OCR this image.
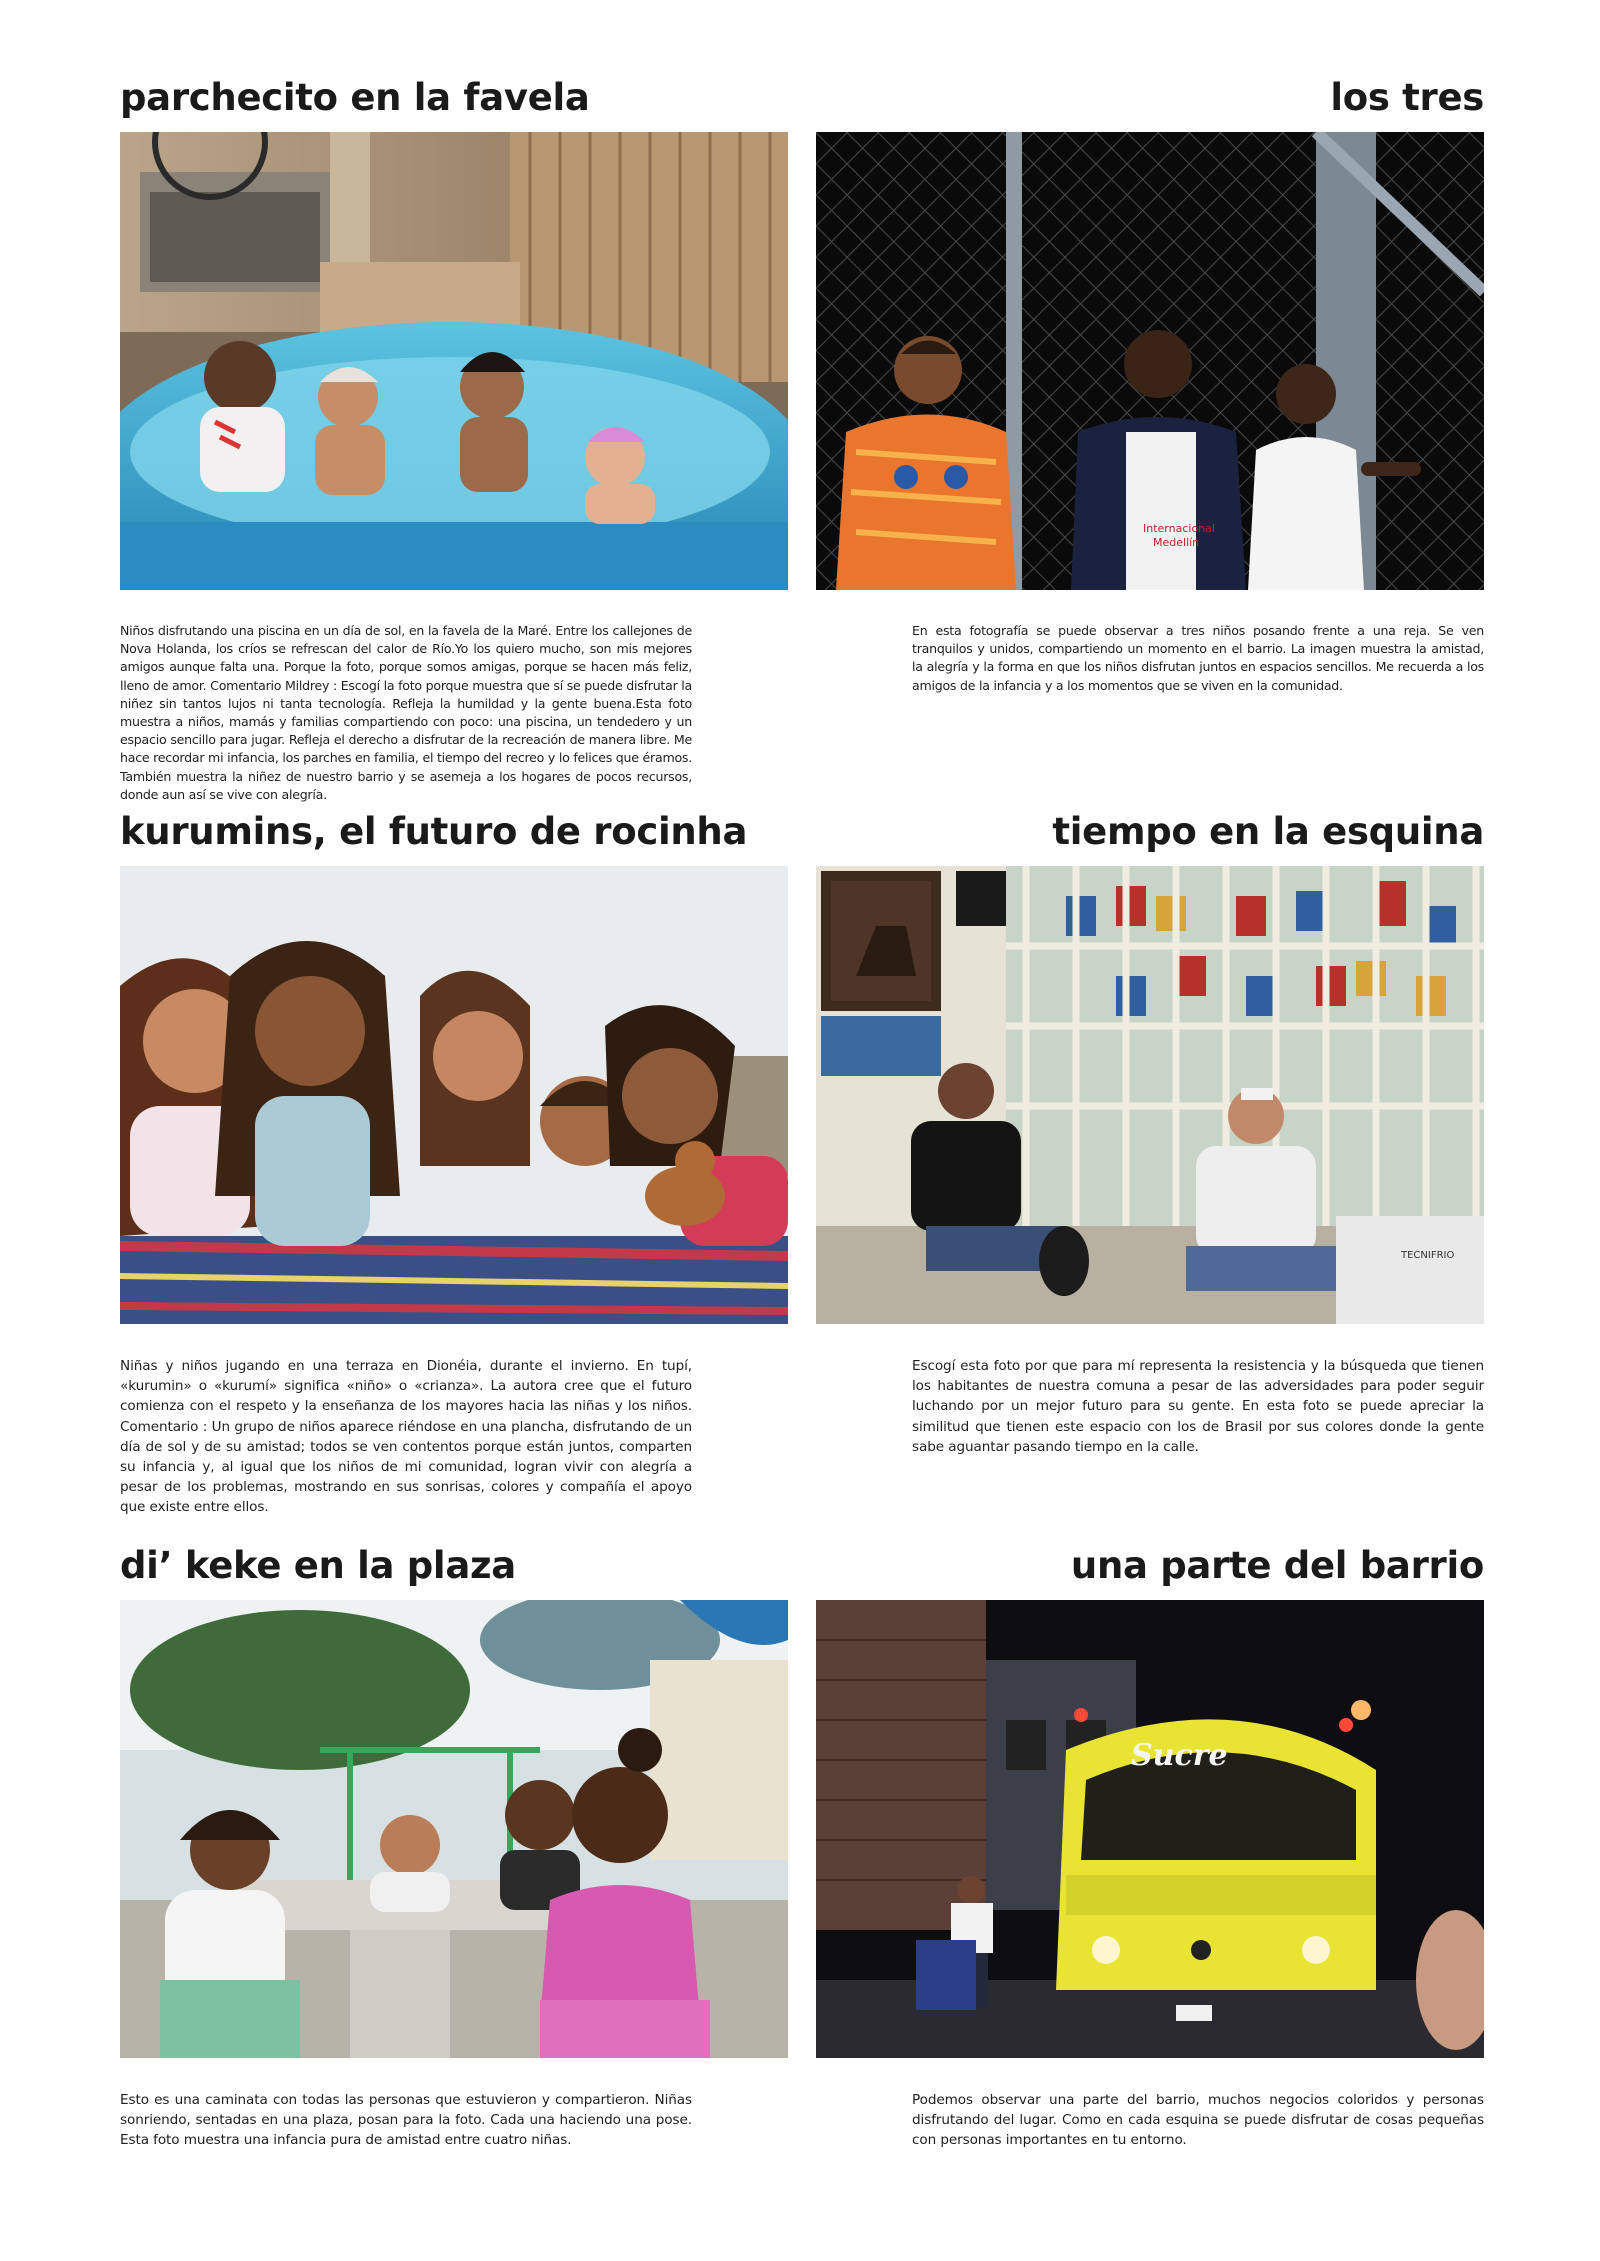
parchecito en la favela
Niños disfrutando una piscina en un día de sol, en la favela de la Maré. Entre los callejones de Nova Holanda, los críos se refrescan del calor de Río.Yo los quiero mucho, son mis mejores amigos aunque falta una. Porque la foto, porque somos amigas, porque se hacen más feliz, lleno de amor. Comentario Mildrey : Escogí la foto porque muestra que sí se puede disfrutar la niñez sin tantos lujos ni tanta tecnología. Refleja la humildad y la gente buena.Esta foto muestra a niños, mamás y familias compartiendo con poco: una piscina, un tendedero y un espacio sencillo para jugar. Refleja el derecho a disfrutar de la recreación de manera libre. Me hace recordar mi infancia, los parches en familia, el tiempo del recreo y lo felices que éramos. También muestra la niñez de nuestro barrio y se asemeja a los hogares de pocos recursos, donde aun así se vive con alegría.
los tres
Internacional
Medellín
En esta fotografía se puede observar a tres niños posando frente a una reja. Se ven tranquilos y unidos, compartiendo un momento en el barrio. La imagen muestra la amistad, la alegría y la forma en que los niños disfrutan juntos en espacios sencillos. Me recuerda a los amigos de la infancia y a los momentos que se viven en la comunidad.
kurumins, el futuro de rocinha
Niñas y niños jugando en una terraza en Dionéia, durante el invierno. En tupí, «kurumin» o «kurumí» significa «niño» o «crianza». La autora cree que el futuro comienza con el respeto y la enseñanza de los mayores hacia las niñas y los niños. Comentario : Un grupo de niños aparece riéndose en una plancha, disfrutando de un día de sol y de su amistad; todos se ven contentos porque están juntos, comparten su infancia y, al igual que los niños de mi comunidad, logran vivir con alegría a pesar de los problemas, mostrando en sus sonrisas, colores y compañía el apoyo que existe entre ellos.
tiempo en la esquina
TECNIFRIO
Escogí esta foto por que para mí representa la resistencia y la búsqueda que tienen los habitantes de nuestra comuna a pesar de las adversidades para poder seguir luchando por un mejor futuro para su gente. En esta foto se puede apreciar la similitud que tienen este espacio con los de Brasil por sus colores donde la gente sabe aguantar pasando tiempo en la calle.
di’ keke en la plaza
Esto es una caminata con todas las personas que estuvieron y compartieron. Niñas sonriendo, sentadas en una plaza, posan para la foto. Cada una haciendo una pose. Esta foto muestra una infancia pura de amistad entre cuatro niñas.
una parte del barrio
Sucre
Podemos observar una parte del barrio, muchos negocios coloridos y personas disfrutando del lugar. Como en cada esquina se puede disfrutar de cosas pequeñas con personas importantes en tu entorno.
